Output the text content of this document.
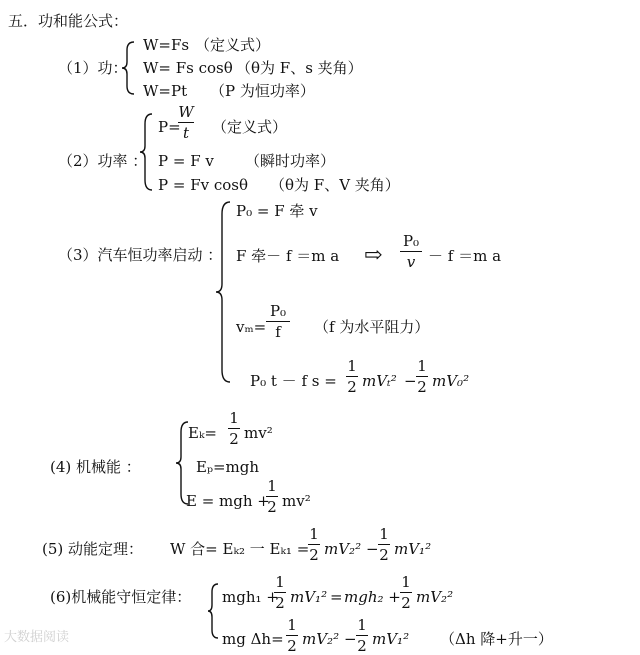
五．功和能公式：
（1）功：
W=Fs （定义式）
W= Fs cosθ （θ为 F、s 夹角）
W=Pt （P 为恒功率）
（2）功率 ：
P=
W
t	（定义式）
P = F v （瞬时功率）
P = Fv cosθ （θ为 F、V 夹角）
（3）汽车恒功率启动 ：
P₀ = F 牵 v
F 牵－ f ＝m a ⇨
P₀
v － f ＝m a
vₘ=
P₀
f	（f 为水平阻力）
P₀ t － f s =
1
2 mVₜ² −
1
2 mV₀²
(4) 机械能 ：
Eₖ=
1
2 mv²
Eₚ=mgh
E = mgh +
1
2 mv²
(5) 动能定理： W 合= Eₖ₂ 一 Eₖ₁ =
1
2 mV₂² −
1
2 mV₁²
(6)机械能守恒定律： mgh₁ +
1
2 mV₁² = mgh₂ +
1
2 mV₂²
mg Δh=
1
2 mV₂² −
1
2 mV₁² （Δh 降+升一）
大数据阅读
